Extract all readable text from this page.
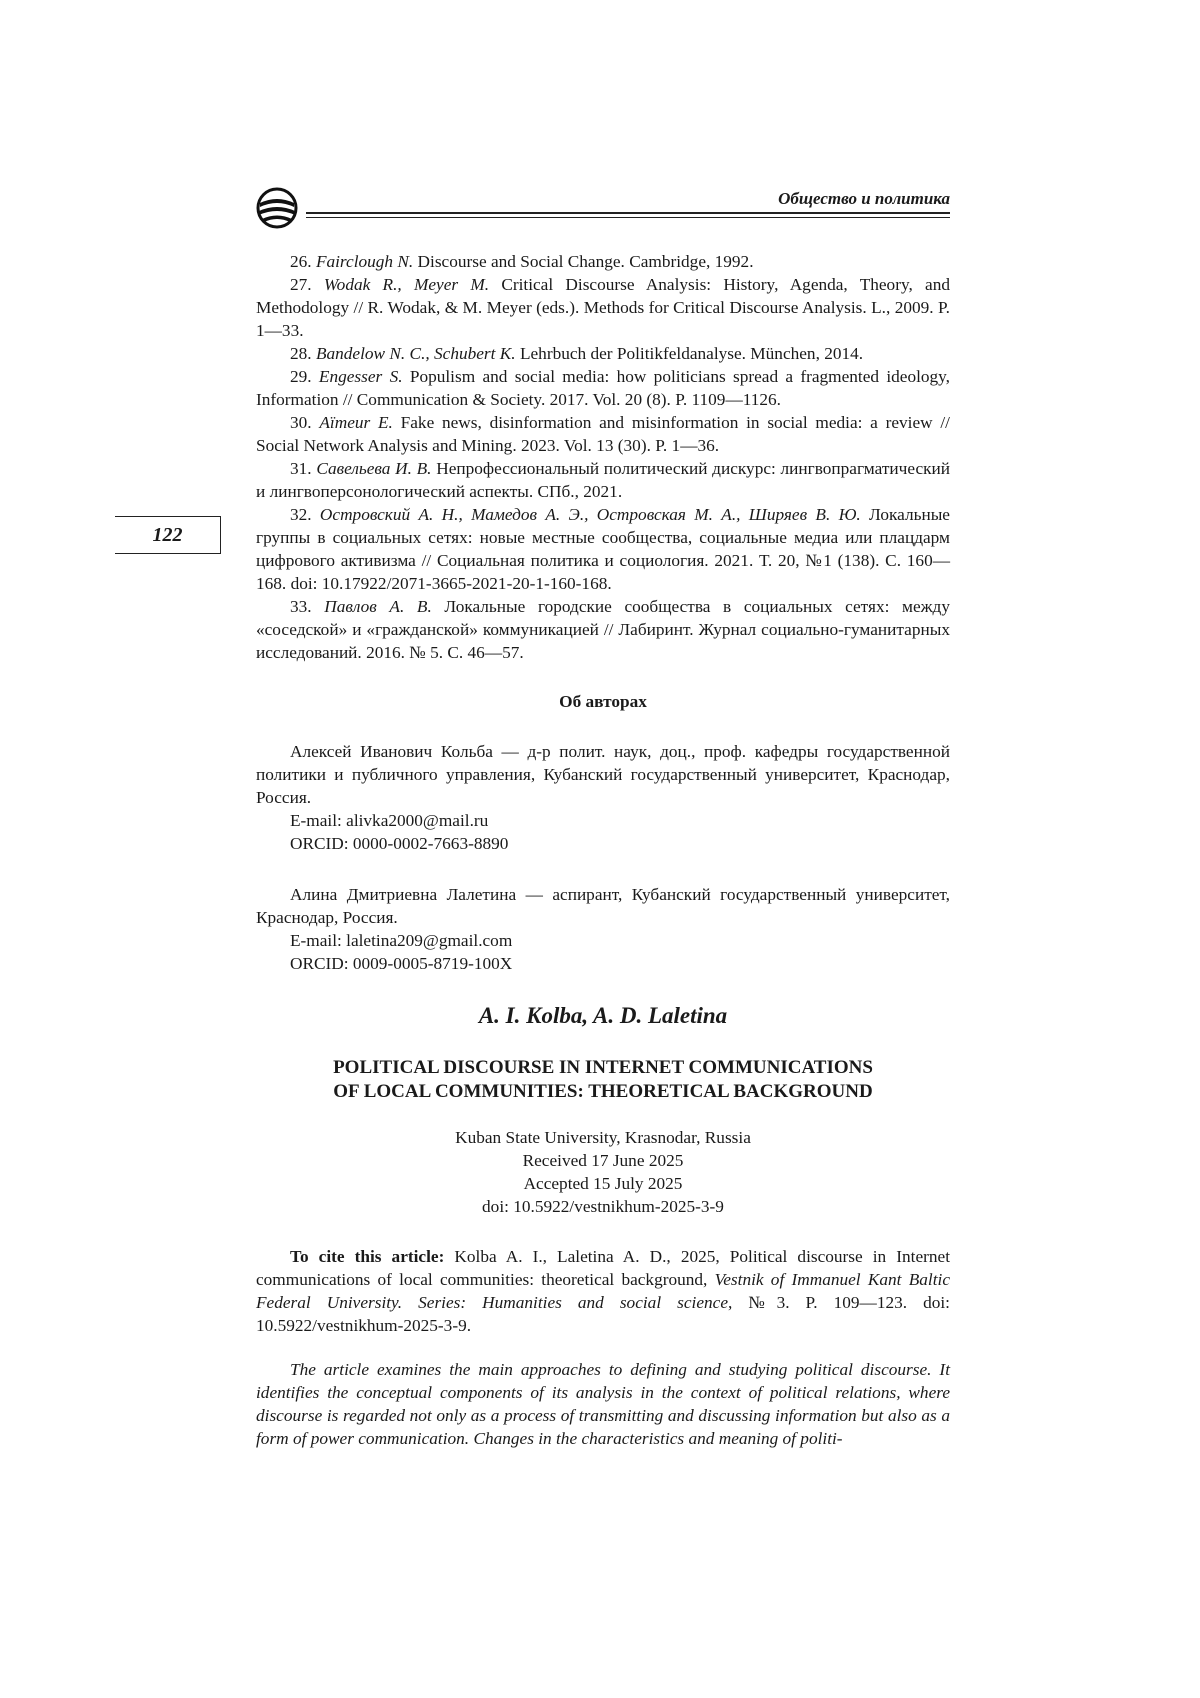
Общество и политика
122

26. Fairclough N. Discourse and Social Change. Cambridge, 1992.

27. Wodak R., Meyer M. Critical Discourse Analysis: History, Agenda, Theory, and Methodology // R. Wodak, & M. Meyer (eds.). Methods for Critical Discourse Analysis. L., 2009. P. 1—33.

28. Bandelow N. C., Schubert K. Lehrbuch der Politikfeldanalyse. München, 2014.

29. Engesser S. Populism and social media: how politicians spread a fragmented ideology, Information // Communication & Society. 2017. Vol. 20 (8). P. 1109—1126.

30. Aïmeur E. Fake news, disinformation and misinformation in social media: a review // Social Network Analysis and Mining. 2023. Vol. 13 (30). P. 1—36.

31. Савельева И. В. Непрофессиональный политический дискурс: лингвопрагматический и лингвоперсонологический аспекты. СПб., 2021.

32. Островский А. Н., Мамедов А. Э., Островская М. А., Ширяев В. Ю. Локальные группы в социальных сетях: новые местные сообщества, социальные медиа или плацдарм цифрового активизма // Социальная политика и социология. 2021. Т. 20, №1 (138). С. 160—168. doi: 10.17922/2071-3665-2021-20-1-160-168.

33. Павлов А. В. Локальные городские сообщества в социальных сетях: между «соседской» и «гражданской» коммуникацией // Лабиринт. Журнал социально-гуманитарных исследований. 2016. № 5. С. 46—57.

Об авторах

Алексей Иванович Кольба — д-р полит. наук, доц., проф. кафедры государственной политики и публичного управления, Кубанский государственный университет, Краснодар, Россия.

E-mail: alivka2000@mail.ru

ORCID: 0000-0002-7663-8890

Алина Дмитриевна Лалетина — аспирант, Кубанский государственный университет, Краснодар, Россия.

E-mail: laletina209@gmail.com

ORCID: 0009-0005-8719-100X

A. I. Kolba, A. D. Laletina
POLITICAL DISCOURSE IN INTERNET COMMUNICATIONS
OF LOCAL COMMUNITIES: THEORETICAL BACKGROUND
Kuban State University, Krasnodar, Russia
Received 17 June 2025
Accepted 15 July 2025
doi: 10.5922/vestnikhum-2025-3-9
To cite this article: Kolba A. I., Laletina A. D., 2025, Political discourse in Internet communications of local communities: theoretical background, Vestnik of Immanuel Kant Baltic Federal University. Series: Humanities and social science, №3. P. 109—123. doi: 10.5922/vestnikhum-2025-3-9.
The article examines the main approaches to defining and studying political discourse. It identifies the conceptual components of its analysis in the context of political relations, where discourse is regarded not only as a process of transmitting and discussing information but also as a form of power communication. Changes in the characteristics and meaning of politi-
